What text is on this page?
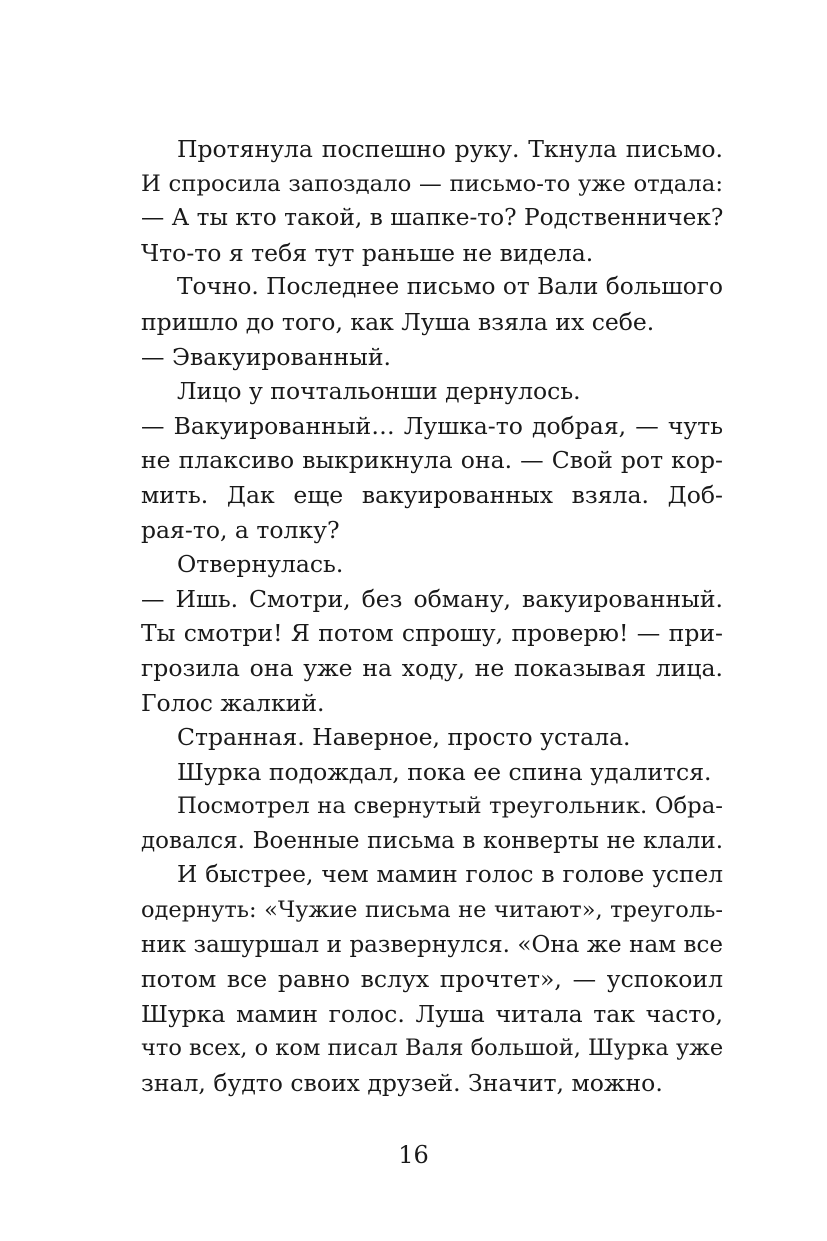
Протянула поспешно руку. Ткнула письмо.
И спросила запоздало — письмо-то уже отдала:
— А ты кто такой, в шапке-то? Родственничек?
Что-то я тебя тут раньше не видела.
Точно. Последнее письмо от Вали большого
пришло до того, как Луша взяла их себе.
— Эвакуированный.
Лицо у почтальонши дернулось.
— Вакуированный… Лушка-то добрая, — чуть
не плаксиво выкрикнула она. — Свой рот кор-
мить. Дак еще вакуированных взяла. Доб-
рая-то, а толку?
Отвернулась.
— Ишь. Смотри, без обману, вакуированный.
Ты смотри! Я потом спрошу, проверю! — при-
грозила она уже на ходу, не показывая лица.
Голос жалкий.
Странная. Наверное, просто устала.
Шурка подождал, пока ее спина удалится.
Посмотрел на свернутый треугольник. Обра-
довался. Военные письма в конверты не клали.
И быстрее, чем мамин голос в голове успел
одернуть: «Чужие письма не читают», треуголь-
ник зашуршал и развернулся. «Она же нам все
потом все равно вслух прочтет», — успокоил
Шурка мамин голос. Луша читала так часто,
что всех, о ком писал Валя большой, Шурка уже
знал, будто своих друзей. Значит, можно.
16
